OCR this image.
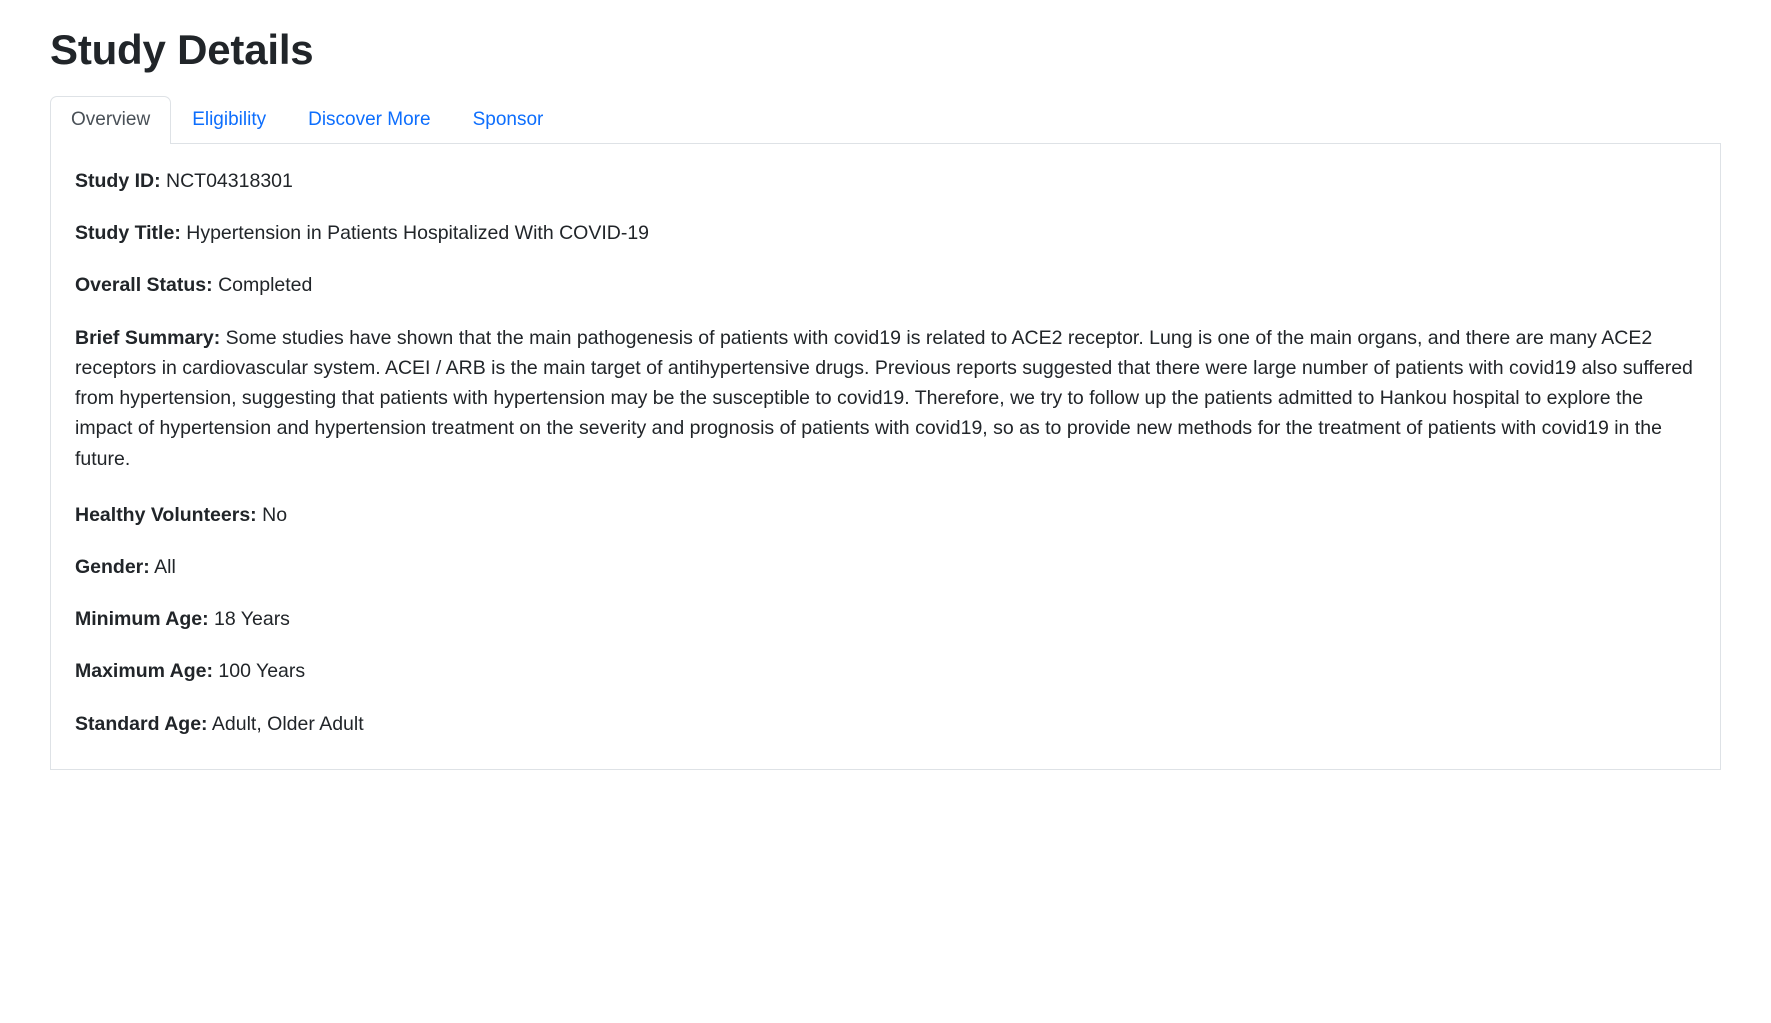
Study Details
Overview	Eligibility	Discover More	Sponsor

Study ID: NCT04318301

Study Title: Hypertension in Patients Hospitalized With COVID-19

Overall Status: Completed

Brief Summary: Some studies have shown that the main pathogenesis of patients with covid19 is related to ACE2 receptor. Lung is one of the main organs, and there are many ACE2 receptors in cardiovascular system. ACEI / ARB is the main target of antihypertensive drugs. Previous reports suggested that there were large number of patients with covid19 also suffered from hypertension, suggesting that patients with hypertension may be the susceptible to covid19. Therefore, we try to follow up the patients admitted to Hankou hospital to explore the impact of hypertension and hypertension treatment on the severity and prognosis of patients with covid19, so as to provide new methods for the treatment of patients with covid19 in the future.

Healthy Volunteers: No

Gender: All

Minimum Age: 18 Years

Maximum Age: 100 Years

Standard Age: Adult, Older Adult
